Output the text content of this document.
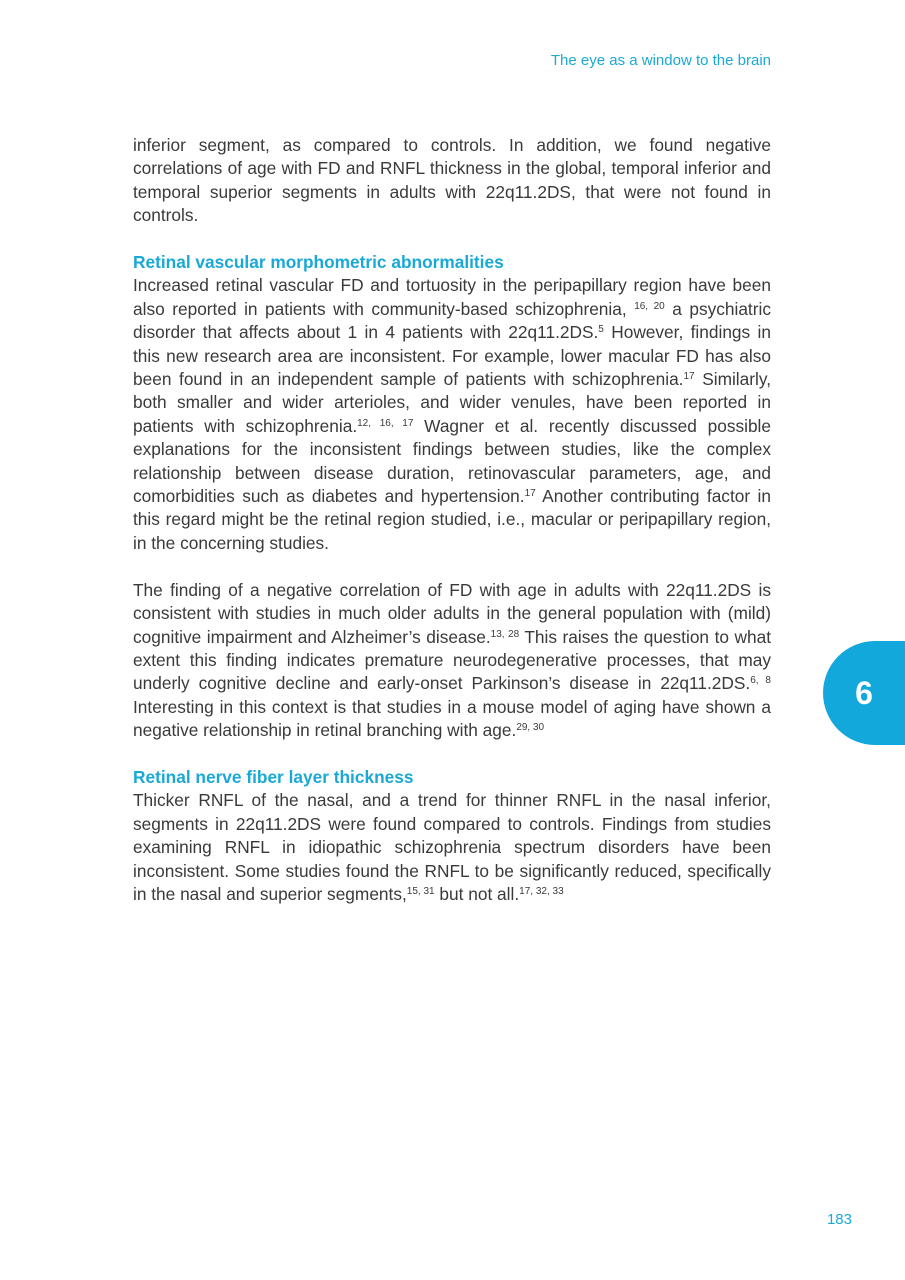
The eye as a window to the brain

inferior segment, as compared to controls. In addition, we found negative correlations of age with FD and RNFL thickness in the global, temporal inferior and temporal superior segments in adults with 22q11.2DS, that were not found in controls.

Retinal vascular morphometric abnormalities

Increased retinal vascular FD and tortuosity in the peripapillary region have been also reported in patients with community-based schizophrenia, $^{16, 20}$ a psychiatric disorder that affects about 1 in 4 patients with 22q11.2DS.$^5$ However, findings in this new research area are inconsistent. For example, lower macular FD has also been found in an independent sample of patients with schizophrenia.$^{17}$ Similarly, both smaller and wider arterioles, and wider venules, have been reported in patients with schizophrenia.$^{12, 16, 17}$ Wagner et al. recently discussed possible explanations for the inconsistent findings between studies, like the complex relationship between disease duration, retinovascular parameters, age, and comorbidities such as diabetes and hypertension.$^{17}$ Another contributing factor in this regard might be the retinal region studied, i.e., macular or peripapillary region, in the concerning studies.

The finding of a negative correlation of FD with age in adults with 22q11.2DS is consistent with studies in much older adults in the general population with (mild) cognitive impairment and Alzheimer’s disease.$^{13, 28}$ This raises the question to what extent this finding indicates premature neurodegenerative processes, that may underly cognitive decline and early-onset Parkinson’s disease in 22q11.2DS.$^{6, 8}$ Interesting in this context is that studies in a mouse model of aging have shown a negative relationship in retinal branching with age.$^{29, 30}$

Retinal nerve fiber layer thickness

Thicker RNFL of the nasal, and a trend for thinner RNFL in the nasal inferior, segments in 22q11.2DS were found compared to controls. Findings from studies examining RNFL in idiopathic schizophrenia spectrum disorders have been inconsistent. Some studies found the RNFL to be significantly reduced, specifically in the nasal and superior segments,$^{15, 31}$ but not all.$^{17, 32, 33}$

6
183
